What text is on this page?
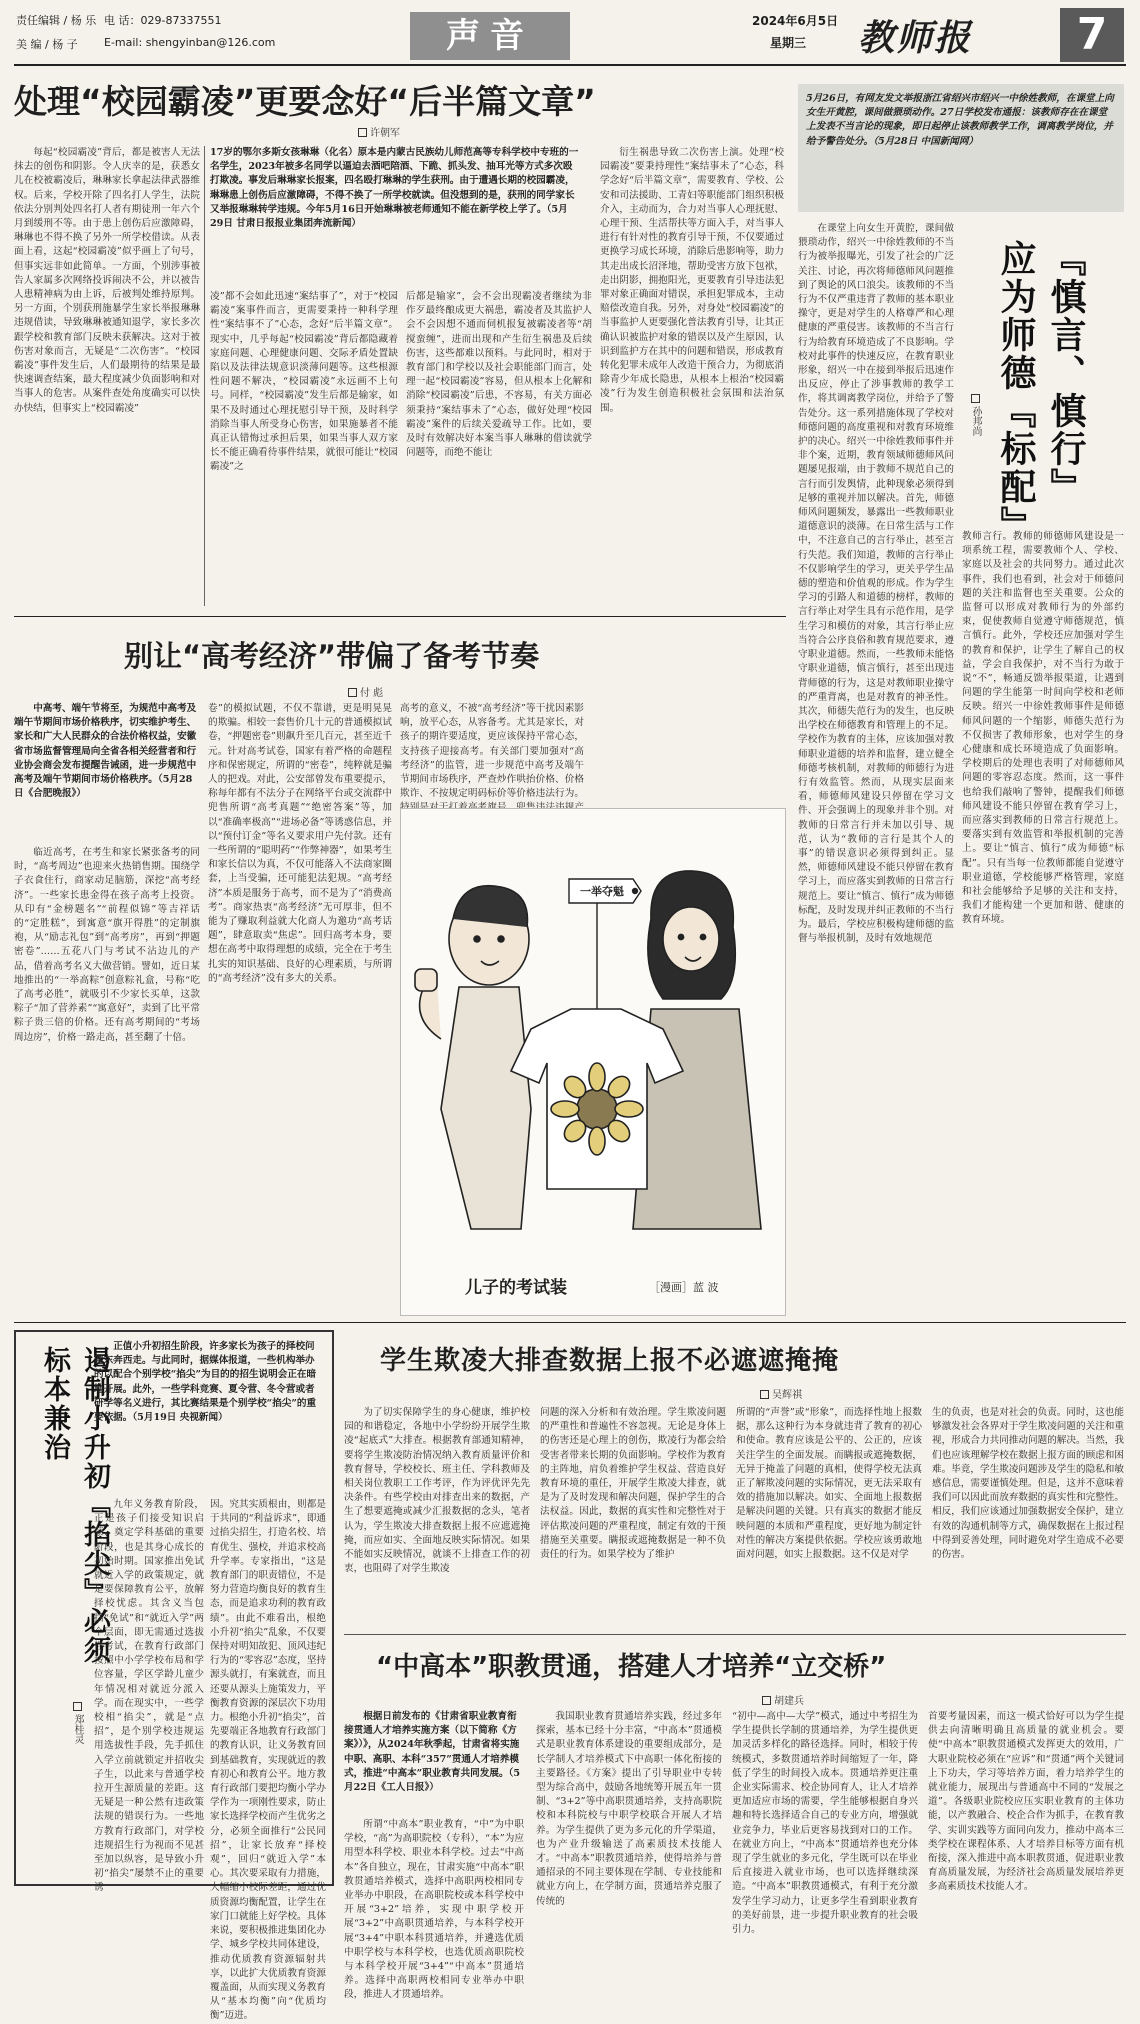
责任编辑 / 杨 乐 电 话：029-87337551
美 编 / 杨 子 E-mail: shengyinban@126.com	声音	2024年6月5日
星期三 教师报	7
处理“校园霸凌”更要念好“后半篇文章”
许朝军
17岁的鄂尔多斯女孩琳琳（化名）原本是内蒙古民族幼儿师范高等专科学校中专班的一名学生，2023年被多名同学以逼迫去酒吧陪酒、下跪、抓头发、抽耳光等方式多次殴打欺凌。事发后琳琳家长报案，四名殴打琳琳的学生获刑。由于遭遇长期的校园霸凌，琳琳患上创伤后应激障碍，不得不换了一所学校就读。但没想到的是，获刑的同学家长又举报琳琳转学违规。今年5月16日开始琳琳被老师通知不能在新学校上学了。（5月29日 甘肃日报报业集团奔流新闻）
每起“校园霸凌”背后，都是被害人无法抹去的创伤和阴影。令人庆幸的是，获悉女儿在校被霸凌后，琳琳家长拿起法律武器维权。后来，学校开除了四名打人学生，法院依法分别判处四名打人者有期徒刑一年六个月到缓刑不等。由于患上创伤后应激障碍，琳琳也不得不换了另外一所学校借读。从表面上看，这起“校园霸凌”似乎画上了句号，但事实远非如此简单。一方面，个别涉事被告人家属多次网络投诉闹决不公，并以被告人患精神病为由上诉，后被判处维持原判。另一方面，个别获刑施暴学生家长举报琳琳违规借读，导致琳琳被通知退学，家长多次跟学校和教育部门反映未获解决。这对于被伤害对象而言，无疑是“二次伤害”。“校园霸凌”事件发生后，人们最期待的结果是最快速调查结案，最大程度减少负面影响和对当事人的危害。从案件查处角度确实可以快办快结，但事实上“校园霸凌”
凌”都不会如此迅速“案结事了”，对于“校园霸凌”案事件而言，更需要秉持一种科学理性“案结事不了”心态，念好“后半篇文章”。现实中，几乎每起“校园霸凌”背后都隐藏着家庭问题、心理健康问题、交际矛盾处置缺陷以及法律法规意识淡薄问题等。这些根源性问题不解决，“校园霸凌”永远画不上句号。同样，“校园霸凌”发生后都是输家，如果不及时通过心理抚慰引导干预，及时科学消除当事人所受身心伤害，如果施暴者不能真正认错悔过承担后果，如果当事人双方家长不能正确看待事件结果，就很可能让“校园霸凌”之
后都是输家”，会不会出现霸凌者继续为非作歹最终酿成更大祸患，霸凌者及其监护人会不会因想不通而伺机报复被霸凌者等“胡搅蛮缠”，进而出现和产生衍生祸患及后续伤害，这些都难以预料。与此同时，相对于教育部门和学校以及社会职能部门而言，处理一起“校园霸凌”容易，但从根本上化解和消除“校园霸凌”后患，不容易，有关方面必须秉持“案结事未了”心态，做好处理“校园霸凌”案件的后续关爱疏导工作。比如，要及时有效解决好本案当事人琳琳的借读就学问题等，而绝不能让
衍生祸患导致二次伤害上演。处理“校园霸凌”要秉持理性“案结事未了”心态，科学念好“后半篇文章”，需要教育、学校、公安和司法援助、工青妇等职能部门组织积极介入，主动而为，合力对当事人心理抚慰、心理干预、生活帮扶等方面入手，对当事人进行有针对性的教育引导干预，不仅要通过更换学习成长环境，消除后患影响等，助力其走出成长沼泽地，帮助受害方放下包袱，走出阴影，拥抱阳光，更要教育引导违法犯罪对象正确面对错误，承担犯罪成本，主动赔偿改造自我。另外，对身处“校园霸凌”的当事监护人更要强化普法教育引导，让其正确认识被监护对象的错误以及产生原因，认识到监护方在其中的问题和错误，形成教育转化犯罪未成年人改造干预合力，为彻底消除青少年成长隐患，从根本上根治“校园霸凌”行为发生创造积极社会氛围和法治氛围。
5月26日，有网友发文举报浙江省绍兴市绍兴一中徐姓教师，在课堂上向女生开黄腔，课间做猥琐动作。27日学校发布通报：该教师存在在课堂上发表不当言论的现象，即日起停止该教师教学工作，调离教学岗位，并给予警告处分。（5月28日 中国新闻网）
在课堂上向女生开黄腔，课间做猥琐动作，绍兴一中徐姓教师的不当行为被举报曝光，引发了社会的广泛关注、讨论，再次将师德师风问题推到了舆论的风口浪尖。该教师的不当行为不仅严重违背了教师的基本职业操守，更是对学生的人格尊严和心理健康的严重侵害。该教师的不当言行行为给教育环境造成了不良影响。学校对此事件的快速反应，在教育职业形象，绍兴一中在接到举报后迅速作出反应，停止了涉事教师的教学工作，将其调离教学岗位，并给予了警告处分。这一系列措施体现了学校对师德问题的高度重视和对教育环境维护的决心。绍兴一中徐姓教师事件并非个案，近期，教育领域师德师风问题屡见报端，由于教师不规范自己的言行而引发舆情，此种现象必须得到足够的重视并加以解决。首先，师德师风问题频发，暴露出一些教师职业道德意识的淡薄。在日常生活与工作中，不注意自己的言行举止，甚至言行失范。我们知道，教师的言行举止不仅影响学生的学习，更关乎学生品德的塑造和价值观的形成。作为学生学习的引路人和道德的榜样，教师的言行举止对学生具有示范作用，是学生学习和模仿的对象，其言行举止应当符合公序良俗和教育规范要求，遵守职业道德。然而，一些教师未能恪守职业道德，慎言慎行，甚至出现违背师德的行为，这是对教师职业操守的严重背离，也是对教育的神圣性。其次，师德失范行为的发生，也反映出学校在师德教育和管理上的不足。学校作为教育的主体，应该加强对教师职业道德的培养和监督，建立健全师德考核机制，对教师的师德行为进行有效监管。然而，从现实层面来看，师德师风建设只停留在学习文件、开会强调上的现象并非个别。对教师的日常言行并未加以引导、规范，认为“教师的言行是其个人的事”的错误意识必须得到纠正。显然，师德师风建设不能只停留在教育学习上，而应落实到教师的日常言行规范上。要让“慎言、慎行”成为师德标配，及时发现并纠正教师的不当行为。最后，学校应积极构建师德的监督与举报机制，及时有效地规范
『慎言、慎行』应为师德『标配』
孙邦尚
教师言行。教师的师德师风建设是一项系统工程，需要教师个人、学校、家庭以及社会的共同努力。通过此次事件，我们也看到，社会对于师德问题的关注和监督也至关重要。公众的监督可以形成对教师行为的外部约束，促使教师自觉遵守师德规范，慎言慎行。此外，学校还应加强对学生的教育和保护，让学生了解自己的权益，学会自我保护，对不当行为敢于说“不”，畅通反馈举报渠道，让遇到问题的学生能第一时间向学校和老师反映。绍兴一中徐姓教师事件是师德师风问题的一个缩影，师德失范行为不仅损害了教师形象，也对学生的身心健康和成长环境造成了负面影响。学校期后的处理也表明了对师德师风问题的零容忍态度。然而，这一事件也给我们敲响了警钟，提醒我们师德师风建设不能只停留在教育学习上，而应落实到教师的日常言行规范上。要落实到有效监管和举报机制的完善上。要让“慎言、慎行”成为师德“标配”。只有当每一位教师都能自觉遵守职业道德，学校能够严格管理，家庭和社会能够给予足够的关注和支持，我们才能构建一个更加和谐、健康的教育环境。
别让“高考经济”带偏了备考节奏
付 彪
中高考、端午节将至，为规范中高考及端午节期间市场价格秩序，切实维护考生、家长和广大人民群众的合法价格权益，安徽省市场监督管理局向全省各相关经营者和行业协会商会发布提醒告诫函，进一步规范中高考及端午节期间市场价格秩序。（5月28日《合肥晚报》）
临近高考，在考生和家长紧张备考的同时，“高考周边”也迎来火热销售期。围绕学子衣食住行，商家动足脑筋，深挖“高考经济”。一些家长患金得在孩子高考上投资。从印有“金榜题名”“前程似锦”等吉祥话的“定胜糕”，到寓意“旗开得胜”的定制旗袍，从“励志礼包”到“高考房”，再到“押题密卷”……五花八门与考试不沾边儿的产品，借着高考名义大做营销。譬如，近日某地推出的“一举高粽”创意粽礼盒，号称“吃了高考必胜”，就吸引不少家长买单，这款粽子“加了营养素”“寓意好”，卖到了比平常粽子贵三倍的价格。还有高考期间的“考场周边房”，价格一路走高，甚至翻了十倍。
卷”的模拟试题，不仅不靠谱，更是明晃晃的欺骗。相较一套售价几十元的普通模拟试卷，“押题密卷”则飙升至几百元，甚至近千元。针对高考试卷，国家有着严格的命题程序和保密规定，所谓的“密卷”，纯粹就是骗人的把戏。对此，公安部曾发布重要提示，称每年都有不法分子在网络平台或交流群中兜售所谓“高考真题”“绝密答案”等，加以“准确率极高”“进场必备”等诱惑信息，并以“预付订金”等名义要求用户先付款。还有一些所谓的“聪明药”“作弊神器”，如果考生和家长信以为真，不仅可能落入不法商家圈套，上当受骗，还可能犯法犯规。“高考经济”本质是服务于高考，而不是为了“消费高考”。商家热衷“高考经济”无可厚非，但不能为了赚取利益就大化商人为邀功“高考话题”，肆意取卖“焦虑”。回归高考本身，要想在高考中取得理想的成绩，完全在于考生扎实的知识基础、良好的心理素质，与所谓的“高考经济”没有多大的关系。
高考的意义，不被“高考经济”等干扰因素影响，放平心态，从容备考。尤其是家长，对孩子的期许要适度，更应该保持平常心态，支持孩子迎接高考。有关部门要加强对“高考经济”的监管，进一步规范中高考及端午节期间市场秩序，严查炒作哄抬价格、价格欺诈、不按规定明码标价等价格违法行为。
一举夺魁
儿子的考试装	［漫画］蓝 波
遏制小升初『掐尖』必须标本兼治
郑桂灵
正值小升初招生阶段，许多家长为孩子的择校问题东奔西走。与此同时，据媒体报道，一些机构举办的以配合个别学校“掐尖”为目的的招生说明会正在暗地开展。此外，一些学科竞赛、夏令营、冬令营或者研学等名义进行，其比赛结果是个别学校“掐尖”的重要依据。（5月19日 央视新闻）
九年义务教育阶段，正是孩子们接受知识启蒙、奠定学科基础的重要阶段，也是其身心成长的初始时期。国家推出免试就近入学的政策规定，就是要保障教育公平，放解择校忧虑。其含义当包括“免试”和“就近入学”两个层面，即无需通过选拔性考试，在教育行政部门按照中小学学校布局和学位容量，学区学龄儿童少年情况相对就近分派入学。而在现实中，一些学校相“掐尖”，就是“点招”，是个别学校违规运用选拔性手段，先手抓住入学立前就锁定并招收尖子生，以此来与普通学校拉开生源质量的差距。这无疑是一种公然有违政策法规的错误行为。一些地方教育行政部门，对学校违规招生行为视而不见甚至加以纵容，是导致小升初“掐尖”屡禁不止的重要诱
因。究其实质根由，则都是于共同的“利益诉求”，即通过掐尖招生，打造名校、培育优生、强校，并追求校高升学率。专家指出，“这是教育部门的职责错位，不是努力营造均衡良好的教育生态，而是追求功利的教育政绩”。由此不难看出，根绝小升初“掐尖”乱象，不仅要保持对明知故犯、顶风违纪行为的“零容忍”态度，坚持源头就打，有案就查，而且还要从源头上施策发力，平衡教育资源的深层次下功用力。根绝小升初“掐尖”，首先要端正各地教育行政部门的教育认识，让义务教育回到基础教育，实现就近的教育初心和教育公平。地方教育行政部门要把均衡小学办学作为一项刚性要求，防止家长选择学校而产生优劣之分，必须全面推行“公民同招”，让家长放弃“择校观”，回归“就近入学”本心。其次要采取有力措施，大幅缩小校际差距，通过优质资源均衡配置，让学生在家门口就能上好学校。具体来说，要积极推进集团化办学、城乡学校共同体建设，推动优质教育资源辐射共享，以此扩大优质教育资源覆盖面，从而实现义务教育从“基本均衡”向“优质均衡”迈进。
学生欺凌大排查数据上报不必遮遮掩掩
吴辉祺
为了切实保障学生的身心健康，维护校园的和谐稳定，各地中小学纷纷开展学生欺凌“起底式”大排查。根据教育部通知精神，要将学生欺凌防治情况纳入教育质量评价和教育督导，学校校长、班主任、学科教师及相关岗位教职工工作考评，作为评优评先先决条件。有些学校由对排查出来的数据，产生了想要遮掩或减少汇报数据的念头，笔者认为，学生欺凌大排查数据上报不应遮遮掩掩，而应如实、全面地反映实际情况。如果不能如实反映情况，就谈不上排查工作的初衷，也阻碍了对学生欺凌
问题的深入分析和有效治理。学生欺凌问题的严重性和普遍性不容忽视。无论是身体上的伤害还是心理上的创伤，欺凌行为都会给受害者带来长期的负面影响。学校作为教育的主阵地，肩负着维护学生权益、营造良好教育环境的重任，开展学生欺凌大排查，就是为了及时发现和解决问题，保护学生的合法权益。因此，数据的真实性和完整性对于评估欺凌问题的严重程度，制定有效的干预措施至关重要。瞒报或遮掩数据是一种不负责任的行为。如果学校为了维护
所谓的“声誉”或“形象”，而选择性地上报数据，那么这种行为本身就违背了教育的初心和使命。教育应该是公平的、公正的，应该关注学生的全面发展。而瞒报或遮掩数据，无异于掩盖了问题的真相，使得学校无法真正了解欺凌问题的实际情况，更无法采取有效的措施加以解决。如实、全面地上报数据是解决问题的关键。只有真实的数据才能反映问题的本质和严重程度，更好地为制定针对性的解决方案提供依据。学校应该勇敢地面对问题，如实上报数据。这不仅是对学
生的负责，也是对社会的负责。同时，这也能够激发社会各界对于学生欺凌问题的关注和重视，形成合力共同推动问题的解决。当然，我们也应该理解学校在数据上报方面的顾虑和困难。毕竟，学生欺凌问题涉及学生的隐私和敏感信息，需要谨慎处理。但是，这并不意味着我们可以因此而放弃数据的真实性和完整性。相反，我们应该通过加强数据安全保护，建立有效的沟通机制等方式，确保数据在上报过程中得到妥善处理，同时避免对学生造成不必要的伤害。
“中高本”职教贯通，搭建人才培养“立交桥”
胡建兵
根据日前发布的《甘肃省职业教育衔接贯通人才培养实施方案（以下简称《方案》）》，从2024年秋季起，甘肃省将实施中职、高职、本科“357”贯通人才培养模式，推进“中高本”职业教育共同发展。（5月22日《工人日报》）
所谓“中高本”职业教育，“中”为中职学校，“高”为高职院校（专科），“本”为应用型本科学校、职业本科学校。过去“中高本”各自独立，现在，甘肃实施“中高本”职教贯通培养模式，选择中高职两校相同专业举办中职段，在高职院校或本科学校中开展“3+2”培养，实现中职学校开展“3+2”中高职贯通培养，与本科学校开展“3+4”中职本科贯通培养，并遴选优质中职学校与本科学校，也选优质高职院校与本科学校开展“3+4”“中高本”贯通培养。选择中高职两校相同专业举办中职段，推进人才贯通培养。
我国职业教育贯通培养实践，经过多年探索，基本已经十分丰富，“中高本”贯通模式是职业教育体系建设的重要组成部分，是长学制人才培养模式下中高职一体化衔接的主要路径。《方案》提出了引导职业中专转型为综合高中，鼓励各地统筹开展五年一贯制、“3+2”等中高职贯通培养，支持高职院校和本科院校与中职学校联合开展人才培养。为学生提供了更为多元化的升学渠道，也为产业升级输送了高素质技术技能人才。“中高本”职教贯通培养，使得培养与普通招录的不同主要体现在学制、专业技能和就业方向上，在学制方面，贯通培养克服了传统的
“初中—高中—大学”模式，通过中考招生为学生提供长学制的贯通培养，为学生提供更加灵活多样化的路径选择。同时，相较于传统模式，多数贯通培养时间缩短了一年，降低了学生的时间投入成本。贯通培养更注重企业实际需求、校企协同育人，让人才培养更加适应市场的需要，学生能够根据自身兴趣和特长选择适合自己的专业方向，增强就业竞争力，毕业后更容易找到对口的工作。在就业方向上，“中高本”贯通培养也充分体现了学生就业的多元化，学生既可以在毕业后直接进入就业市场，也可以选择继续深造。“中高本”职教贯通模式，有利于充分激发学生学习动力，让更多学生看到职业教育的美好前景，进一步提升职业教育的社会吸引力。
首要考量因素，而这一模式恰好可以为学生提供去向清晰明确且高质量的就业机会。要使“中高本”职教贯通模式发挥更大的效用，广大职业院校必须在“应诉”和“贯通”两个关键词上下功夫，学习等培养方面，着力培养学生的就业能力，展现出与普通高中不同的“发展之道”。各级职业院校应压实职业教育的主体功能，以产教融合、校企合作为抓手，在教育教学、实训实践等方面同向发力，推动中高本三类学校在课程体系、人才培养目标等方面有机衔接，深入推进中高本职教贯通，促进职业教育高质量发展，为经济社会高质量发展培养更多高素质技术技能人才。
